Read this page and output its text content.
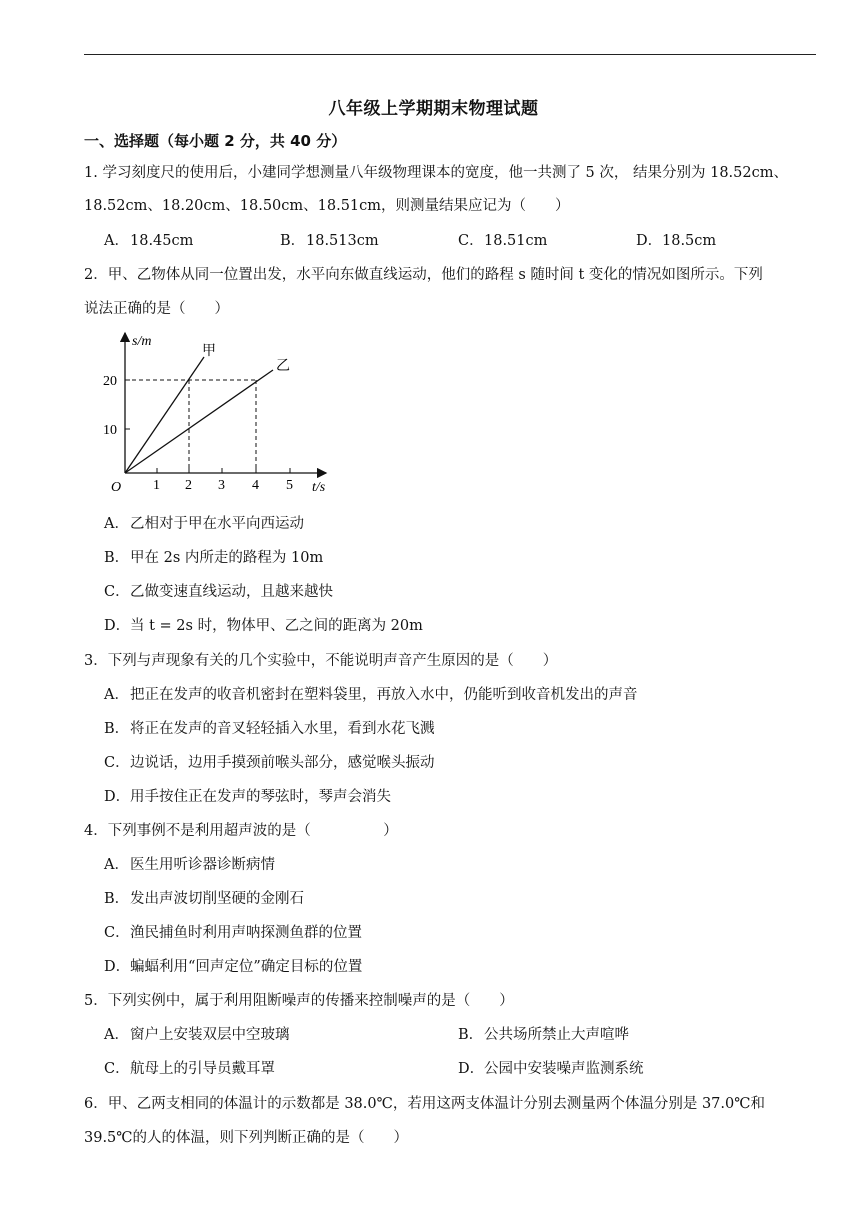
八年级上学期期末物理试题
一、选择题（每小题 2 分，共 40 分）
1. 学习刻度尺的使用后，小建同学想测量八年级物理课本的宽度，他一共测了 5 次， 结果分别为 18.52cm、
18.52cm、18.20cm、18.50cm、18.51cm，则测量结果应记为（　　）
A．18.45cm	B．18.513cm	C．18.51cm	D．18.5cm
2．甲、乙物体从同一位置出发，水平向东做直线运动，他们的路程 s 随时间 t 变化的情况如图所示。下列
说法正确的是（　　）
s/m
甲
乙
20
10
O 1 2 3 4 5 t/s
A．乙相对于甲在水平向西运动
B．甲在 2s 内所走的路程为 10m
C．乙做变速直线运动，且越来越快
D．当 t = 2s 时，物体甲、乙之间的距离为 20m
3．下列与声现象有关的几个实验中，不能说明声音产生原因的是（　　）
A．把正在发声的收音机密封在塑料袋里，再放入水中，仍能听到收音机发出的声音
B．将正在发声的音叉轻轻插入水里，看到水花飞溅
C．边说话，边用手摸颈前喉头部分，感觉喉头振动
D．用手按住正在发声的琴弦时，琴声会消失
4．下列事例不是利用超声波的是（　　　　　）
A．医生用听诊器诊断病情
B．发出声波切削坚硬的金刚石
C．渔民捕鱼时利用声呐探测鱼群的位置
D．蝙蝠利用“回声定位”确定目标的位置
5．下列实例中，属于利用阻断噪声的传播来控制噪声的是（　　）
A．窗户上安装双层中空玻璃	B．公共场所禁止大声喧哗
C．航母上的引导员戴耳罩	D．公园中安装噪声监测系统
6．甲、乙两支相同的体温计的示数都是 38.0℃，若用这两支体温计分别去测量两个体温分别是 37.0℃和
39.5℃的人的体温，则下列判断正确的是（　　）
